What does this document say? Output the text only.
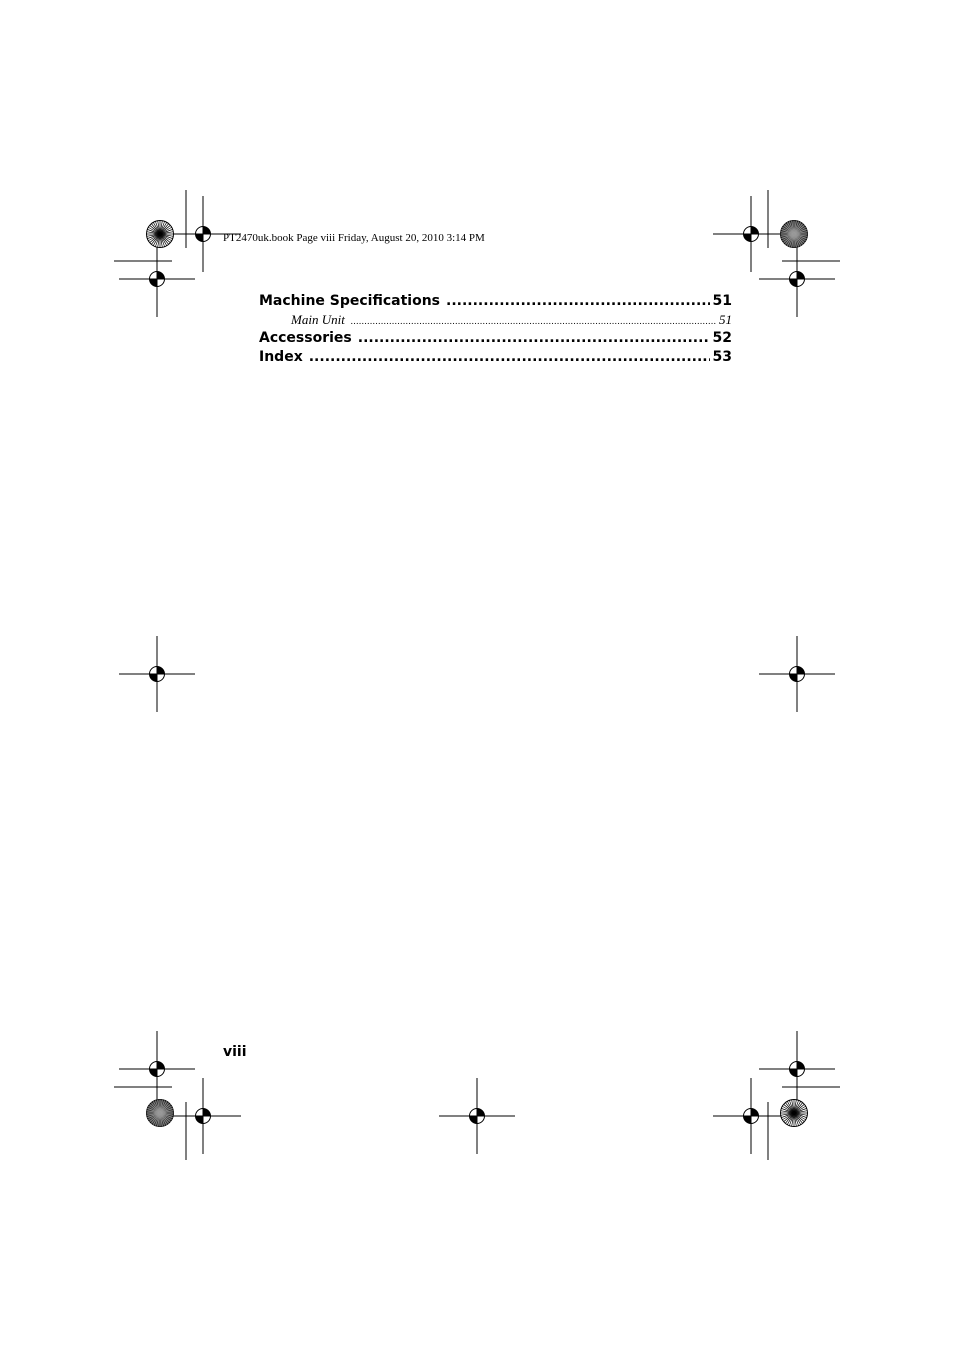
PT2470uk.book Page viii Friday, August 20, 2010 3:14 PM
Machine Specifications .....	51
Main Unit .....	51
Accessories .....	52
Index .....	53
viii
